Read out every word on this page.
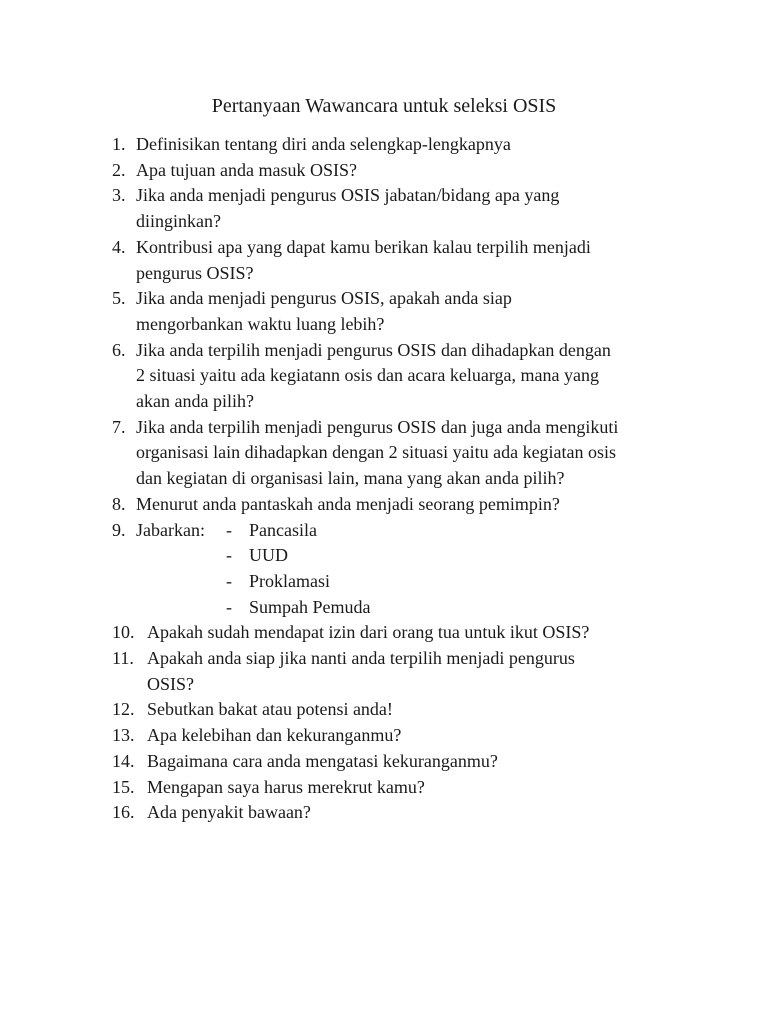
Pertanyaan Wawancara untuk seleksi OSIS
1. Definisikan tentang diri anda selengkap-lengkapnya
2. Apa tujuan anda masuk OSIS?
3. Jika anda menjadi pengurus OSIS jabatan/bidang apa yang
diinginkan?
4. Kontribusi apa yang dapat kamu berikan kalau terpilih menjadi
pengurus OSIS?
5. Jika anda menjadi pengurus OSIS, apakah anda siap
mengorbankan waktu luang lebih?
6. Jika anda terpilih menjadi pengurus OSIS dan dihadapkan dengan
2 situasi yaitu ada kegiatann osis dan acara keluarga, mana yang
akan anda pilih?
7. Jika anda terpilih menjadi pengurus OSIS dan juga anda mengikuti
organisasi lain dihadapkan dengan 2 situasi yaitu ada kegiatan osis
dan kegiatan di organisasi lain, mana yang akan anda pilih?
8. Menurut anda pantaskah anda menjadi seorang pemimpin?
9. Jabarkan:	- Pancasila
- UUD
- Proklamasi
- Sumpah Pemuda
10. Apakah sudah mendapat izin dari orang tua untuk ikut OSIS?
11. Apakah anda siap jika nanti anda terpilih menjadi pengurus
OSIS?
12. Sebutkan bakat atau potensi anda!
13. Apa kelebihan dan kekuranganmu?
14. Bagaimana cara anda mengatasi kekuranganmu?
15. Mengapan saya harus merekrut kamu?
16. Ada penyakit bawaan?
